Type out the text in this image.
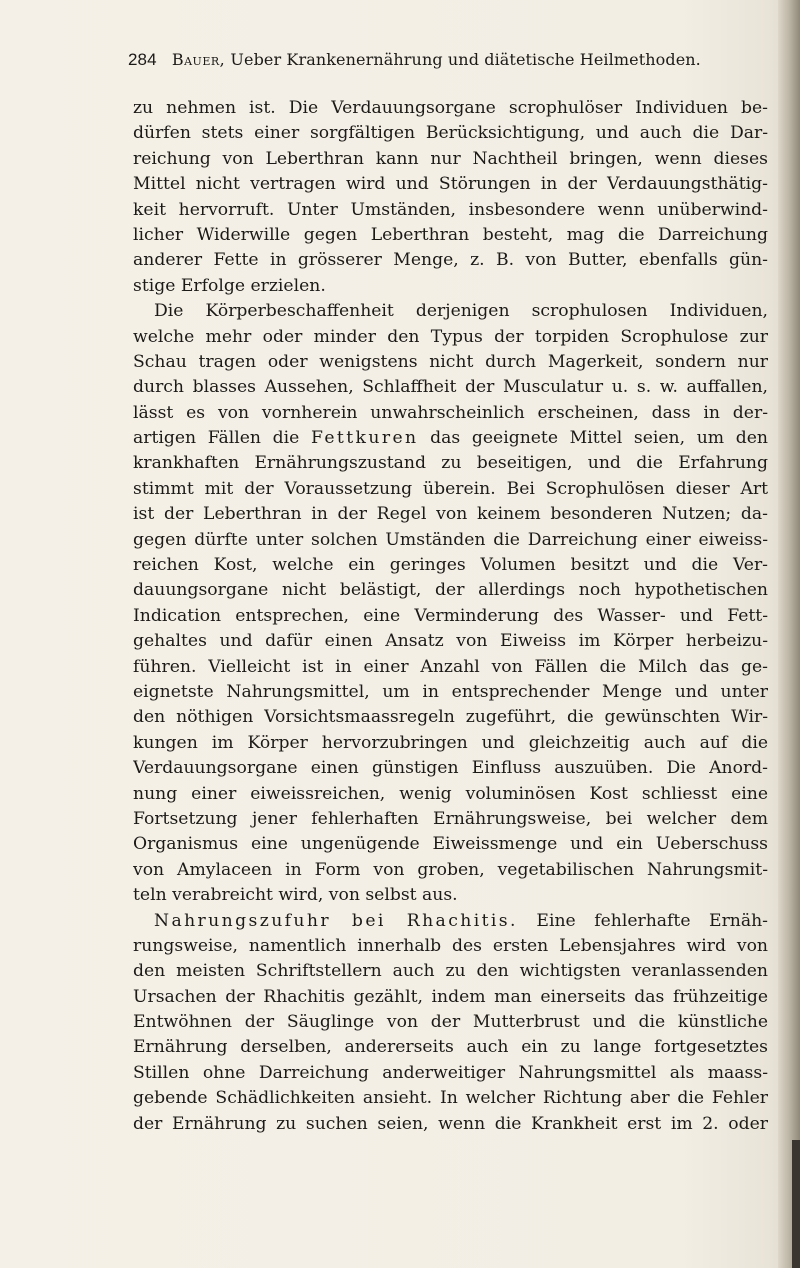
284 Bauer, Ueber Krankenernährung und diätetische Heilmethoden.
zu nehmen ist. Die Verdauungsorgane scrophulöser Individuen be-
dürfen stets einer sorgfältigen Berücksichtigung, und auch die Dar-
reichung von Leberthran kann nur Nachtheil bringen, wenn dieses
Mittel nicht vertragen wird und Störungen in der Verdauungsthätig-
keit hervorruft. Unter Umständen, insbesondere wenn unüberwind-
licher Widerwille gegen Leberthran besteht, mag die Darreichung
anderer Fette in grösserer Menge, z. B. von Butter, ebenfalls gün-
stige Erfolge erzielen.
Die Körperbeschaffenheit derjenigen scrophulosen Individuen,
welche mehr oder minder den Typus der torpiden Scrophulose zur
Schau tragen oder wenigstens nicht durch Magerkeit, sondern nur
durch blasses Aussehen, Schlaffheit der Musculatur u. s. w. auffallen,
lässt es von vornherein unwahrscheinlich erscheinen, dass in der-
artigen Fällen die Fettkuren das geeignete Mittel seien, um den
krankhaften Ernährungszustand zu beseitigen, und die Erfahrung
stimmt mit der Voraussetzung überein. Bei Scrophulösen dieser Art
ist der Leberthran in der Regel von keinem besonderen Nutzen; da-
gegen dürfte unter solchen Umständen die Darreichung einer eiweiss-
reichen Kost, welche ein geringes Volumen besitzt und die Ver-
dauungsorgane nicht belästigt, der allerdings noch hypothetischen
Indication entsprechen, eine Verminderung des Wasser- und Fett-
gehaltes und dafür einen Ansatz von Eiweiss im Körper herbeizu-
führen. Vielleicht ist in einer Anzahl von Fällen die Milch das ge-
eignetste Nahrungsmittel, um in entsprechender Menge und unter
den nöthigen Vorsichtsmaassregeln zugeführt, die gewünschten Wir-
kungen im Körper hervorzubringen und gleichzeitig auch auf die
Verdauungsorgane einen günstigen Einfluss auszuüben. Die Anord-
nung einer eiweissreichen, wenig voluminösen Kost schliesst eine
Fortsetzung jener fehlerhaften Ernährungsweise, bei welcher dem
Organismus eine ungenügende Eiweissmenge und ein Ueberschuss
von Amylaceen in Form von groben, vegetabilischen Nahrungsmit-
teln verabreicht wird, von selbst aus.
Nahrungszufuhr bei Rhachitis. Eine fehlerhafte Ernäh-
rungsweise, namentlich innerhalb des ersten Lebensjahres wird von
den meisten Schriftstellern auch zu den wichtigsten veranlassenden
Ursachen der Rhachitis gezählt, indem man einerseits das frühzeitige
Entwöhnen der Säuglinge von der Mutterbrust und die künstliche
Ernährung derselben, andererseits auch ein zu lange fortgesetztes
Stillen ohne Darreichung anderweitiger Nahrungsmittel als maass-
gebende Schädlichkeiten ansieht. In welcher Richtung aber die Fehler
der Ernährung zu suchen seien, wenn die Krankheit erst im 2. oder
